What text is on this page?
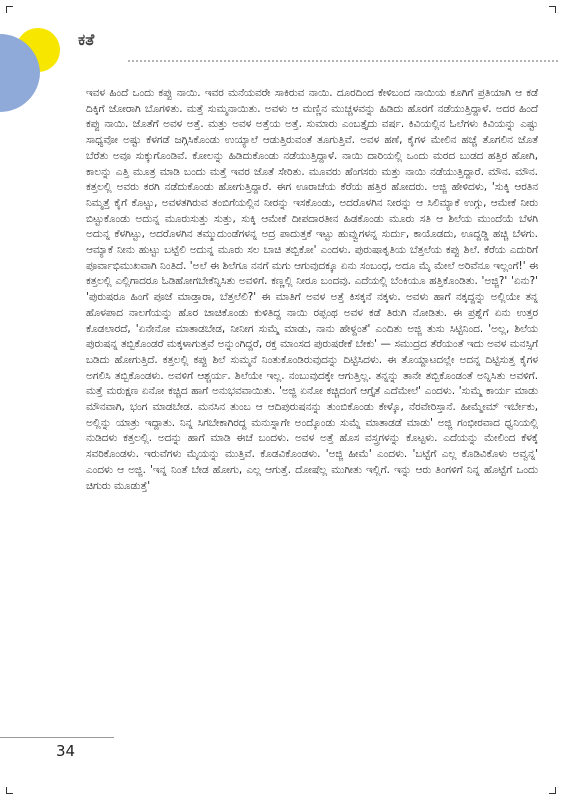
ಕತೆ

ಇವಳ ಹಿಂದೆ ಒಂದು ಕಪ್ಪು ನಾಯಿ. ಇವರ ಮನೆಯವರೇ ಸಾಕಿರುವ ನಾಯಿ. ದೂರದಿಂದ ಕೇಳಿಬಂದ ನಾಯಿಯ ಕೂಗಿಗೆ ಪ್ರತಿಯಾಗಿ ಆ ಕಡೆ ದಿಕ್ಕಿಗೆ ಜೋರಾಗಿ ಬೊಗಳಿತು. ಮತ್ತೆ ಸುಮ್ಮನಾಯಿತು. ಅವಳು ಆ ಮಣ್ಣಿನ ಮುಚ್ಚಳವನ್ನು ಹಿಡಿದು ಹೊರಗೆ ನಡೆಯುತ್ತಿದ್ದಾಳೆ. ಅದರ ಹಿಂದೆ ಕಪ್ಪು ನಾಯಿ. ಜೊತೆಗೆ ಅವಳ ಅತ್ತೆ. ಮತ್ತು ಅವಳ ಅತ್ತೆಯ ಅತ್ತೆ. ಸುಮಾರು ಎಂಬತ್ತೈದು ವರ್ಷ. ಕಿವಿಯಲ್ಲಿನ ಓಲೆಗಳು ಕಿವಿಯನ್ನು ಎಷ್ಟು ಸಾಧ್ಯವೋ ಅಷ್ಟು ಕೆಳಗಡೆ ಜಗ್ಗಿಸಿಕೊಂಡು ಉಯ್ಯಾಲೆ ಆಡುತ್ತಿರುವಂತೆ ತೂಗುತ್ತಿವೆ. ಅವಳ ಹಣೆ, ಕೈಗಳ ಮೇಲಿನ ಹಚ್ಚೆ ತೊಗಲಿನ ಜೊತೆ ಬೆರೆತು ಅವೂ ಸುಕ್ಕುಗೊಂಡಿವೆ. ಕೋಲನ್ನು ಹಿಡಿದುಕೊಂಡು ನಡೆಯುತ್ತಿದ್ದಾಳೆ. ನಾಯಿ ದಾರಿಯಲ್ಲಿ ಒಂದು ಮರದ ಬುಡದ ಹತ್ತಿರ ಹೋಗಿ, ಕಾಲನ್ನು ಎತ್ತಿ ಮೂತ್ರ ಮಾಡಿ ಬಂದು ಮತ್ತೆ ಇವರ ಜೊತೆ ಸೇರಿತು. ಮೂವರು ಹೆಂಗಸರು ಮತ್ತು ನಾಯಿ ನಡೆಯುತ್ತಿದ್ದಾರೆ. ಮೌನ. ಮೌನ. ಕತ್ತಲಲ್ಲಿ ಅವರು ಕರಗಿ ನಡೆದುಕೊಂಡು ಹೋಗುತ್ತಿದ್ದಾರೆ. ಈಗ ಊರಾಚೆಯ ಕೆರೆಯ ಹತ್ತಿರ ಹೋದರು. ಅಜ್ಜಿ ಹೇಳಿದಳು, 'ಸುಕ್ಕಿ ಆರತಿನ ನಿಮ್ಮತ್ತೆ ಕೈಗೆ ಕೊಟ್ಟು, ಅವಳತಗಿರುವ ತಂಬಿಗೆಯಲ್ಲಿನ ನೀರನ್ನು ಇಸಕೊಂಡು, ಅದರೊಳಗಿನ ನೀರನ್ನು ಆ ಸಿಲಿಮ್ಯಾಕೆ ಉಗ್ಗು, ಆಮೇಕೆ ನೀರು ಬಿಟ್ಟುಕೊಂಡು ಅದುನ್ನ ಮೂರುಸುತ್ತು ಸುತ್ತು, ಸುಕ್ಕಿ ಆಮೇಕೆ ದೀಪದಾರತೀನ ಹಿಡಕೊಂಡು ಮೂರು ಸತಿ ಆ ಶಿಲೆಯ ಮುಂದೆಯೆ ಬೆಳಗಿ ಅದುನ್ನ ಕೆಳಗಿಟ್ಟು, ಅದರೊಳಗಿನ ತಮ್ಮುದುಂಡೆಗಳನ್ನ ಅದ್ರ ಪಾದುತ್ತಕೆ ಇಟ್ಟು ಹುವ್ವುಗಳನ್ನ ಸುರ್ದು, ಕಾಯೊಡದು, ಊದ್ದಡ್ಡಿ ಹಚ್ಚಿ ಬೆಳಗು. ಆಮ್ಯಾಕೆ ನೀನು ಹುಟ್ಟು ಬಟ್ಟೆಲಿ ಅದುನ್ನ ಮೂರು ಸಲ ಬಾಚಿ ತಬ್ಬಿಕೋ' ಎಂದಳು. ಪುರುಷಾಕೃತಿಯ ಬೆತ್ತಲೆಯ ಕಪ್ಪು ಶಿಲೆ. ಕೆರೆಯ ಎದುರಿಗೆ ಪೂರ್ವಾಭಿಮುಖವಾಗಿ ನಿಂತಿದೆ. 'ಅಲೆ ಈ ಶಿಲೆಗೂ ನನಗೆ ಮಗು ಆಗುವುದಕ್ಕೂ ಏನು ಸಂಬಂಧ, ಅದೂ ಮೈ ಮೇಲೆ ಅರಿವೆನೂ ಇಲ್ಲಂಗೆ!' ಈ ಕತ್ತಲಲ್ಲಿ ಎಲ್ಲಿಗಾದರೂ ಓಡಿಹೋಗಬೇಕೆನ್ನಿಸಿತು ಅವಳಿಗೆ. ಕಣ್ಣಲ್ಲಿ ನೀರೂ ಬಂದವು. ಎದೆಯಲ್ಲಿ ಬೆಂಕಿಯೂ ಹತ್ತಿಕೊಂಡಿತು. 'ಅಜ್ಜಿ?' 'ಏನು?' 'ಪುರುಷರೂ ಹಿಂಗೆ ಪೂಜೆ ಮಾಡ್ತಾರಾ, ಬೆತ್ತಲೆಲಿ?' ಈ ಮಾತಿಗೆ ಅವಳ ಅತ್ತೆ ಕಿಸಕ್ಕನೆ ನಕ್ಕಳು. ಅವಳು ಹಾಗೆ ನಕ್ಕದ್ದನ್ನು ಅಲ್ಲಿಯೇ ತನ್ನ ಹೊಳಪಾದ ನಾಲಗೆಯನ್ನು ಹೊರ ಚಾಚಿಕೊಂಡು ಕುಳಿತಿದ್ದ ನಾಯಿ ರಪ್ಪಂಥ ಅವಳ ಕಡೆ ತಿರುಗಿ ನೋಡಿತು. ಈ ಪ್ರಶ್ನೆಗೆ ಏನು ಉತ್ತರ ಕೊಡಲಾರದೆ, 'ಏನೇನೋ ಮಾತಾಡಬೇಡ, ನೀನೀಗ ಸುಮ್ಮೆ ಮಾಡು, ನಾನು ಹೇಳ್ದಂತೆ' ಎಂದಿತು ಅಜ್ಜಿ ತುಸು ಸಿಟ್ಟಿನಿಂದ. 'ಅಲ್ಲ, ಶಿಲೆಯ ಪುರುಷನ್ನ ತಬ್ಬಿಕೊಂಡರೆ ಮಕ್ಕಳಾಗುತ್ತವೆ ಅನ್ನುಂಗಿದ್ದರೆ, ರಕ್ತ ಮಾಂಸದ ಪುರುಷರೇಕೆ ಬೇಕು' — ಸಮುದ್ರದ ತೆರೆಯಂತೆ ಇದು ಅವಳ ಮನಸ್ಸಿಗೆ ಬಡಿದು ಹೋಗುತ್ತಿದೆ. ಕತ್ತಲಲ್ಲಿ ಕಪ್ಪು ಶಿಲೆ ಸುಮ್ಮನೆ ನಿಂತುಕೊಂಡಿರುವುದನ್ನು ದಿಟ್ಟಿಸಿದಳು. ಈ ತೊಯ್ದಾಟದಲ್ಲೇ ಅದನ್ನ ದಿಟ್ಟಿಸುತ್ತ ಕೈಗಳ ಅಗಲಿಸಿ ತಬ್ಬಿಕೊಂಡಳು. ಅವಳಿಗೆ ಆಶ್ಚರ್ಯ. ಶಿಲೆಯೇ ಇಲ್ಲ. ನಂಬುವುದಕ್ಕೇ ಆಗುತ್ತಿಲ್ಲ. ತನ್ನನ್ನು ತಾನೇ ತಬ್ಬಿಕೊಂಡಂತೆ ಅನ್ನಿಸಿತು ಅವಳಿಗೆ. ಮತ್ತೆ ಮರುಕ್ಷಣ ಏನೋ ಕಚ್ಚಿದ ಹಾಗೆ ಅನುಭವವಾಯಿತು. 'ಅಜ್ಜಿ ಏನೋ ಕಚ್ಚಿದಂಗೆ ಆಗ್ತೈತೆ ಎದೆಮೇಲೆ' ಎಂದಳು. 'ಸುಮ್ಮೆ ಕಾರ್ಯ ಮಾಡು ಮೌನವಾಗಿ, ಭಂಗ ಮಾಡಬೇಡ. ಮನಸಿನ ತುಂಬ ಆ ಆದಿಪುರುಷನನ್ನು ತುಂಬಿಕೊಂಡು ಕೇಳ್ಕೊ, ನೆರವೇರಿಸ್ತಾನೆ. ಹೀಮ್ಮೇಮ್ ಇರ್ಬೇಕು, ಅಲ್ಲಿನ್ನು ಯಾತ್ರು ಇದ್ದಾತು. ನಿನ್ನ ಸಿಗಬೇಕಾಗಿರದ್ದ ಮನುಸ್ನಾಗೇ ಅಂದ್ಕೊಂಡು ಸುಮ್ನೆ ಮಾತಾಡಡೆ ಮಾಡು' ಅಜ್ಜಿ ಗಂಭೀರವಾದ ಧ್ವನಿಯಲ್ಲಿ ನುಡಿದಳು ಕತ್ತಲಲ್ಲಿ. ಅದನ್ನು ಹಾಗೆ ಮಾಡಿ ಈಚೆ ಬಂದಳು. ಅವಳ ಅತ್ತೆ ಹೊಸ ವಸ್ತ್ರಗಳನ್ನು ಕೊಟ್ಟಳು. ಎದೆಯನ್ನು ಮೇಲಿಂದ ಕೆಳಕ್ಕೆ ಸವರಿಕೊಂಡಳು. ಇರುವೆಗಳು ಮೈಯನ್ನು ಮುತ್ತಿವೆ. ಕೊಡವಿಕೊಂಡಳು. 'ಅಜ್ಜಿ ಹೀಮೆ' ಎಂದಳು. 'ಬಟ್ಟೆಗೆ ಎಲ್ಲ ಕೊಡಿವಿಕೊಳು ಅವ್ವನ್ನ' ಎಂದಳು ಆ ಅಜ್ಜಿ. 'ಇನ್ನ ನಿಂತೆ ಬೇಡ ಹೋಗು, ಎಲ್ಲ ಆಗುತ್ತೆ. ದೋಷೆಲ್ಲ ಮುಗೀತು ಇಲ್ಲಿಗೆ. ಇನ್ನು ಆರು ತಿಂಗಳಿಗೆ ನಿನ್ನ ಹೊಟ್ಟೆಗೆ ಒಂದು ಚಿಗುರು ಮೂಡುತ್ತೆ'

34
